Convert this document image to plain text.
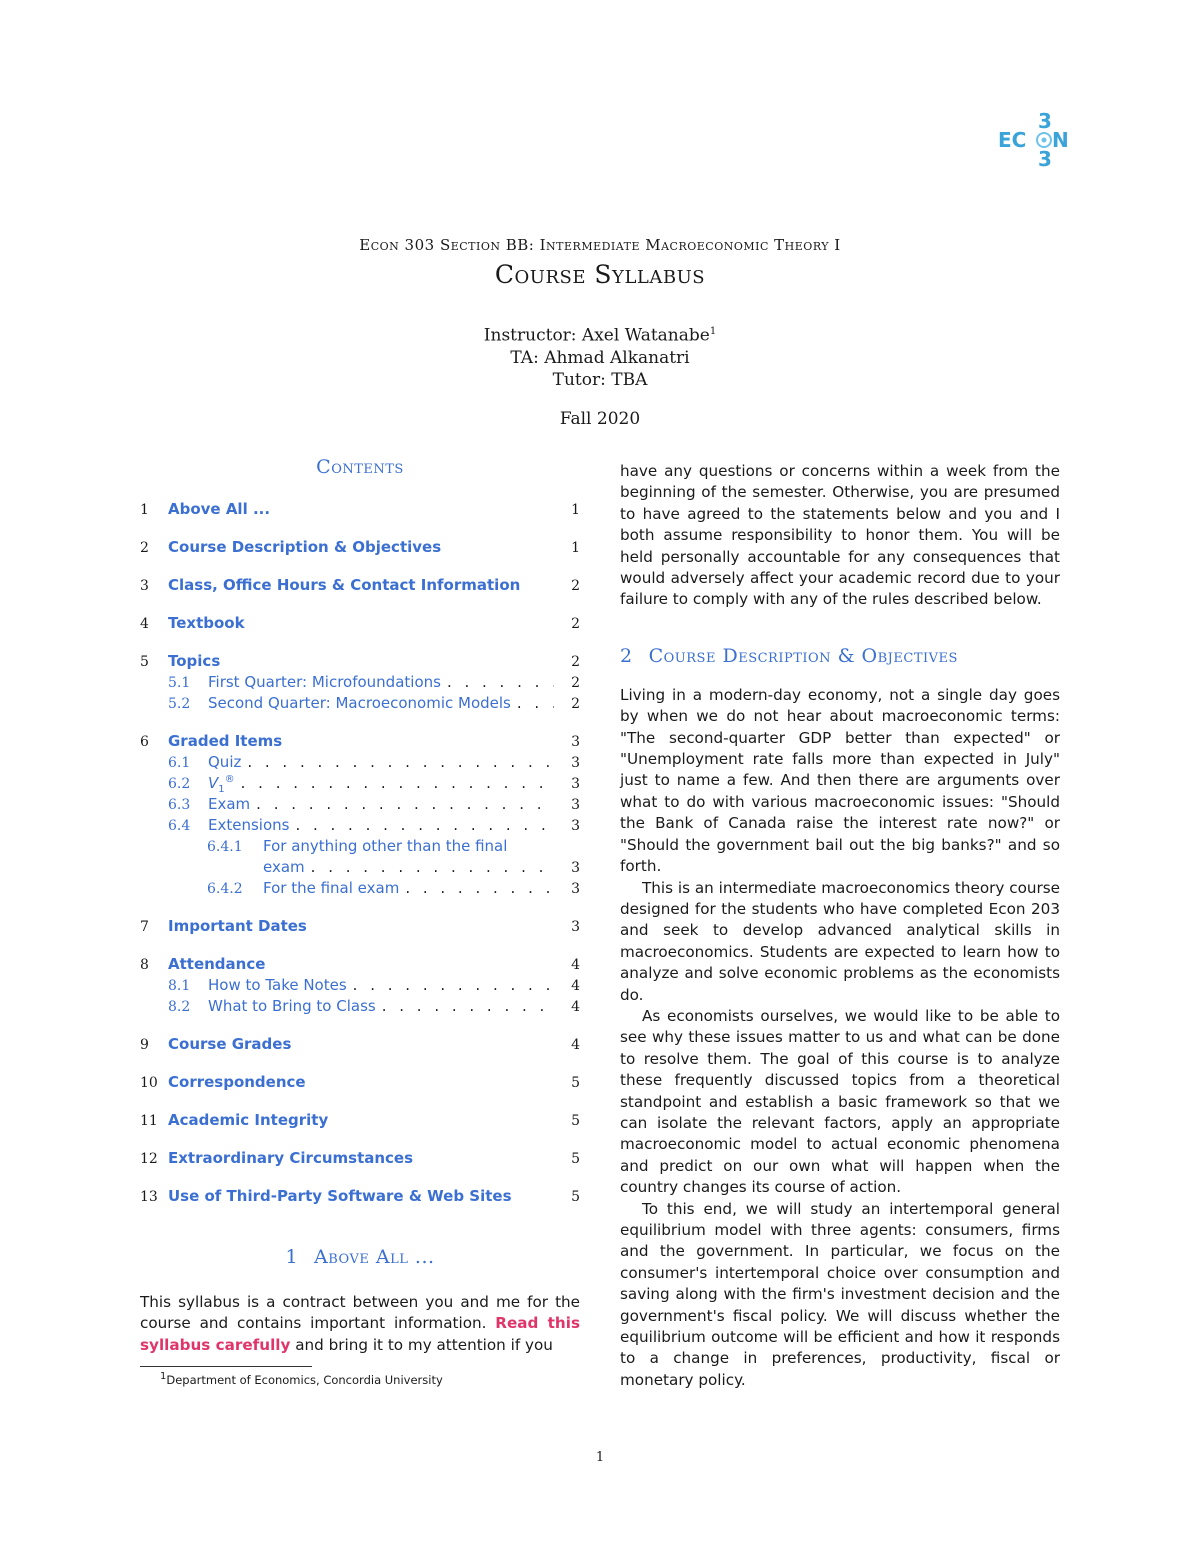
EC N
3
3

Econ 303 Section BB: Intermediate Macroeconomic Theory I

Course Syllabus
Instructor: Axel Watanabe$^1$
TA: Ahmad Alkanatri
Tutor: TBA
Fall 2020
Contents
1	Above All ...	1
2	Course Description & Objectives	1
3	Class, Office Hours & Contact Information	2
4	Textbook	2
5	Topics	2
5.1	First Quarter: Microfoundations . . .	2
5.2	Second Quarter: Macroeconomic Models . . .	2
6	Graded Items	3
6.1	Quiz . . .	3
6.2	$V_1®$ . . .	3
6.3	Exam . . .	3
6.4	Extensions . . .	3
6.4.1	For anything other than the final
exam . . .	3
6.4.2	For the final exam . . .	3
7	Important Dates	3
8	Attendance	4
8.1	How to Take Notes . . .	4
8.2	What to Bring to Class . . .	4
9	Course Grades	4
10 Correspondence	5
11 Academic Integrity	5
12 Extraordinary Circumstances	5
13 Use of Third-Party Software & Web Sites	5
1 Above All ...

This syllabus is a contract between you and me for the course and contains important information. Read this syllabus carefully and bring it to my attention if you

1Department of Economics, Concordia University

have any questions or concerns within a week from the beginning of the semester. Otherwise, you are presumed to have agreed to the statements below and you and I both assume responsibility to honor them. You will be held personally accountable for any consequences that would adversely affect your academic record due to your failure to comply with any of the rules described below.

2 Course Description & Objectives

Living in a modern-day economy, not a single day goes by when we do not hear about macroeconomic terms: "The second-quarter GDP better than expected" or "Unemployment rate falls more than expected in July" just to name a few. And then there are arguments over what to do with various macroeconomic issues: "Should the Bank of Canada raise the interest rate now?" or "Should the government bail out the big banks?" and so forth.

This is an intermediate macroeconomics theory course designed for the students who have completed Econ 203 and seek to develop advanced analytical skills in macroeconomics. Students are expected to learn how to analyze and solve economic problems as the economists do.

As economists ourselves, we would like to be able to see why these issues matter to us and what can be done to resolve them. The goal of this course is to analyze these frequently discussed topics from a theoretical standpoint and establish a basic framework so that we can isolate the relevant factors, apply an appropriate macroeconomic model to actual economic phenomena and predict on our own what will happen when the country changes its course of action.

To this end, we will study an intertemporal general equilibrium model with three agents: consumers, firms and the government. In particular, we focus on the consumer's intertemporal choice over consumption and saving along with the firm's investment decision and the government's fiscal policy. We will discuss whether the equilibrium outcome will be efficient and how it responds to a change in preferences, productivity, fiscal or monetary policy.

1
